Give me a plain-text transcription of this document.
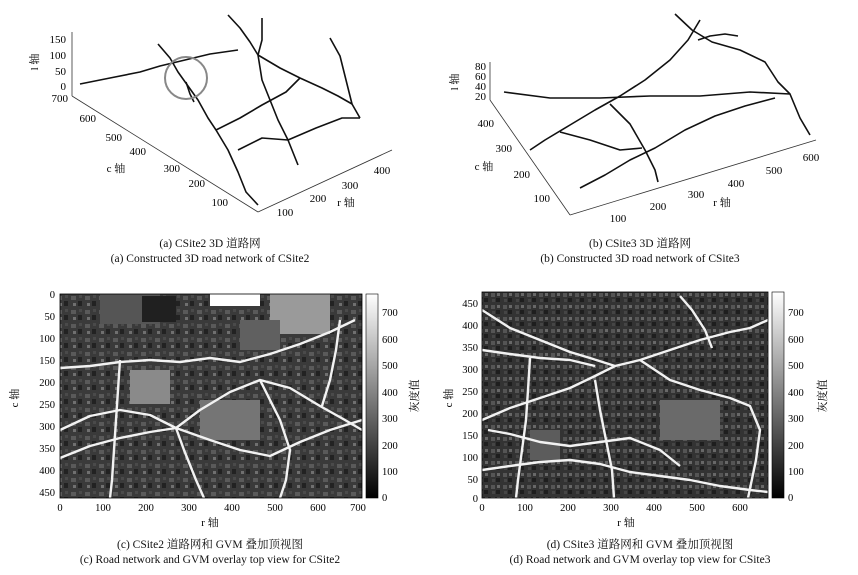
150
100
50
0
l 轴
700
600
500
400
300
200
100
c 轴
100
200
300
400
r 轴
80
60
40
20
l 轴
400
300
200
100
c 轴
100
200
300
400
500
600
r 轴
(a) CSite2 3D 道路网
(a) Constructed 3D road network of CSite2
(b) CSite3 3D 道路网
(b) Constructed 3D road network of CSite3
0
50
100
150
200
250
300
350
400
450
c 轴
0	100	200	300	400	500	600 700
r 轴
700
600
500
400
300
200
100
0
灰度值
450
400
350
300
250
200
150
100
50
0
c 轴
0	100	200	300	400	500	600
r 轴
700
600
500
400
300
200
100
0
灰度值
(c) CSite2 道路网和 GVM 叠加顶视图
(c) Road network and GVM overlay top view for CSite2
(d) CSite3 道路网和 GVM 叠加顶视图
(d) Road network and GVM overlay top view for CSite3
